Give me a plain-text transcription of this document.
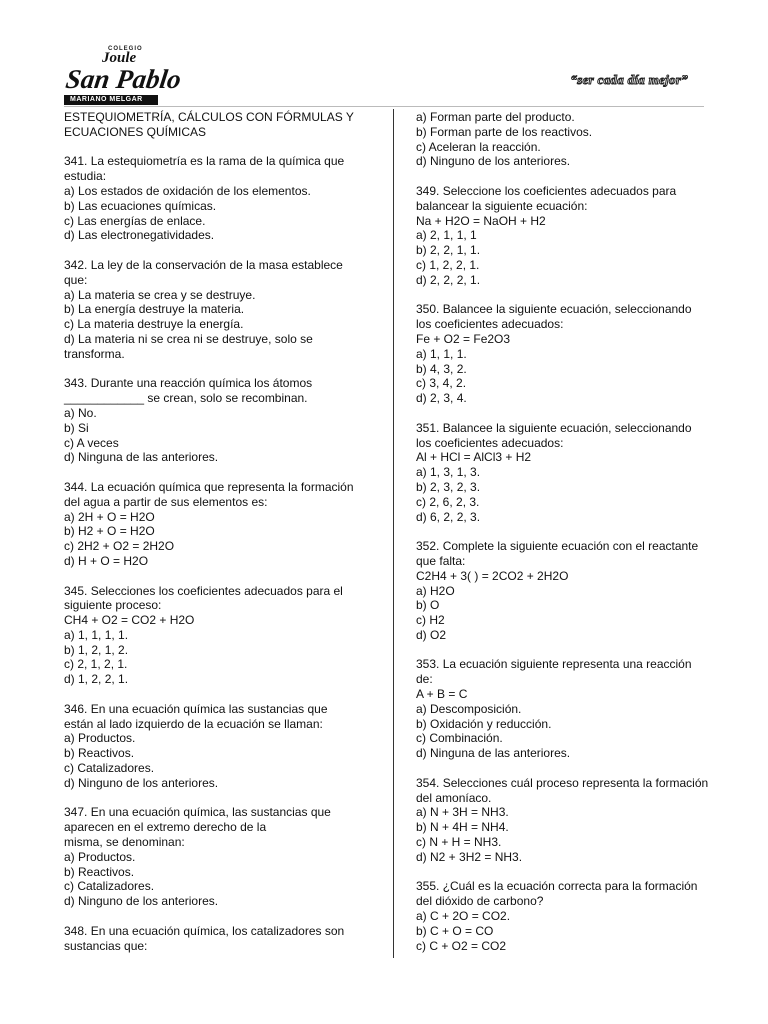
COLEGIO
Joule
San Pablo
MARIANO MELGAR
“ser cada día mejor”

ESTEQUIOMETRÍA, CÁLCULOS CON FÓRMULAS Y

ECUACIONES QUÍMICAS

341. La estequiometría es la rama de la química que

estudia:

a) Los estados de oxidación de los elementos.

b) Las ecuaciones químicas.

c) Las energías de enlace.

d) Las electronegatividades.

342. La ley de la conservación de la masa establece

que:

a) La materia se crea y se destruye.

b) La energía destruye la materia.

c) La materia destruye la energía.

d) La materia ni se crea ni se destruye, solo se

transforma.

343. Durante una reacción química los átomos

____________ se crean, solo se recombinan.

a) No.

b) Si

c) A veces

d) Ninguna de las anteriores.

344. La ecuación química que representa la formación

del agua a partir de sus elementos es:

a) 2H + O = H2O

b) H2 + O = H2O

c) 2H2 + O2 = 2H2O

d) H + O = H2O

345. Selecciones los coeficientes adecuados para el

siguiente proceso:

CH4 + O2 = CO2 + H2O

a) 1, 1, 1, 1.

b) 1, 2, 1, 2.

c) 2, 1, 2, 1.

d) 1, 2, 2, 1.

346. En una ecuación química las sustancias que

están al lado izquierdo de la ecuación se llaman:

a) Productos.

b) Reactivos.

c) Catalizadores.

d) Ninguno de los anteriores.

347. En una ecuación química, las sustancias que

aparecen en el extremo derecho de la

misma, se denominan:

a) Productos.

b) Reactivos.

c) Catalizadores.

d) Ninguno de los anteriores.

348. En una ecuación química, los catalizadores son

sustancias que:

a) Forman parte del producto.

b) Forman parte de los reactivos.

c) Aceleran la reacción.

d) Ninguno de los anteriores.

349. Seleccione los coeficientes adecuados para

balancear la siguiente ecuación:

Na + H2O = NaOH + H2

a) 2, 1, 1, 1

b) 2, 2, 1, 1.

c) 1, 2, 2, 1.

d) 2, 2, 2, 1.

350. Balancee la siguiente ecuación, seleccionando

los coeficientes adecuados:

Fe + O2 = Fe2O3

a) 1, 1, 1.

b) 4, 3, 2.

c) 3, 4, 2.

d) 2, 3, 4.

351. Balancee la siguiente ecuación, seleccionando

los coeficientes adecuados:

Al + HCl = AlCl3 + H2

a) 1, 3, 1, 3.

b) 2, 3, 2, 3.

c) 2, 6, 2, 3.

d) 6, 2, 2, 3.

352. Complete la siguiente ecuación con el reactante

que falta:

C2H4 + 3( ) = 2CO2 + 2H2O

a) H2O

b) O

c) H2

d) O2

353. La ecuación siguiente representa una reacción

de:

A + B = C

a) Descomposición.

b) Oxidación y reducción.

c) Combinación.

d) Ninguna de las anteriores.

354. Selecciones cuál proceso representa la formación

del amoníaco.

a) N + 3H = NH3.

b) N + 4H = NH4.

c) N + H = NH3.

d) N2 + 3H2 = NH3.

355. ¿Cuál es la ecuación correcta para la formación

del dióxido de carbono?

a) C + 2O = CO2.

b) C + O = CO

c) C + O2 = CO2
